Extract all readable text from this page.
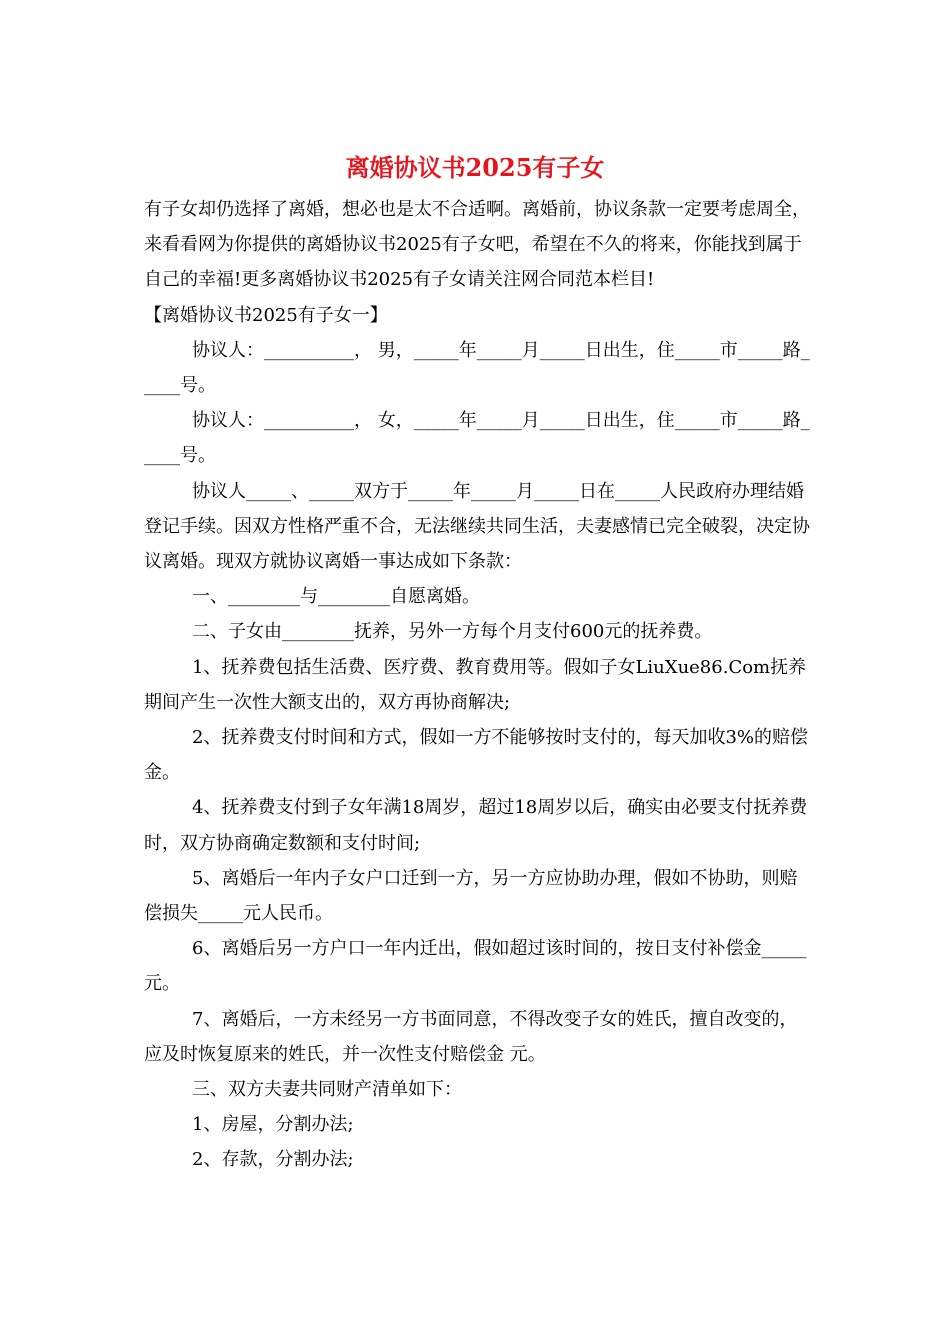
离婚协议书2025有子女

有子女却仍选择了离婚，想必也是太不合适啊。离婚前，协议条款一定要考虑周全，来看看网为你提供的离婚协议书2025有子女吧，希望在不久的将来，你能找到属于自己的幸福!更多离婚协议书2025有子女请关注网合同范本栏目!

【离婚协议书2025有子女一】

协议人：__________， 男，_____年_____月_____日出生，住_____市_____路_____号。

协议人：__________， 女，_____年_____月_____日出生，住_____市_____路_____号。

协议人_____、_____双方于_____年_____月_____日在_____人民政府办理结婚登记手续。因双方性格严重不合，无法继续共同生活，夫妻感情已完全破裂，决定协议离婚。现双方就协议离婚一事达成如下条款：

一、________与________自愿离婚。

二、子女由________抚养，另外一方每个月支付600元的抚养费。

1、抚养费包括生活费、医疗费、教育费用等。假如子女LiuXue86.Com抚养期间产生一次性大额支出的，双方再协商解决;

2、抚养费支付时间和方式，假如一方不能够按时支付的，每天加收3%的赔偿金。

4、抚养费支付到子女年满18周岁，超过18周岁以后，确实由必要支付抚养费时，双方协商确定数额和支付时间;

5、离婚后一年内子女户口迁到一方，另一方应协助办理，假如不协助，则赔偿损失_____元人民币。

6、离婚后另一方户口一年内迁出，假如超过该时间的，按日支付补偿金_____元。

7、离婚后，一方未经另一方书面同意，不得改变子女的姓氏，擅自改变的，应及时恢复原来的姓氏，并一次性支付赔偿金 元。

三、双方夫妻共同财产清单如下：

1、房屋，分割办法;

2、存款，分割办法;
